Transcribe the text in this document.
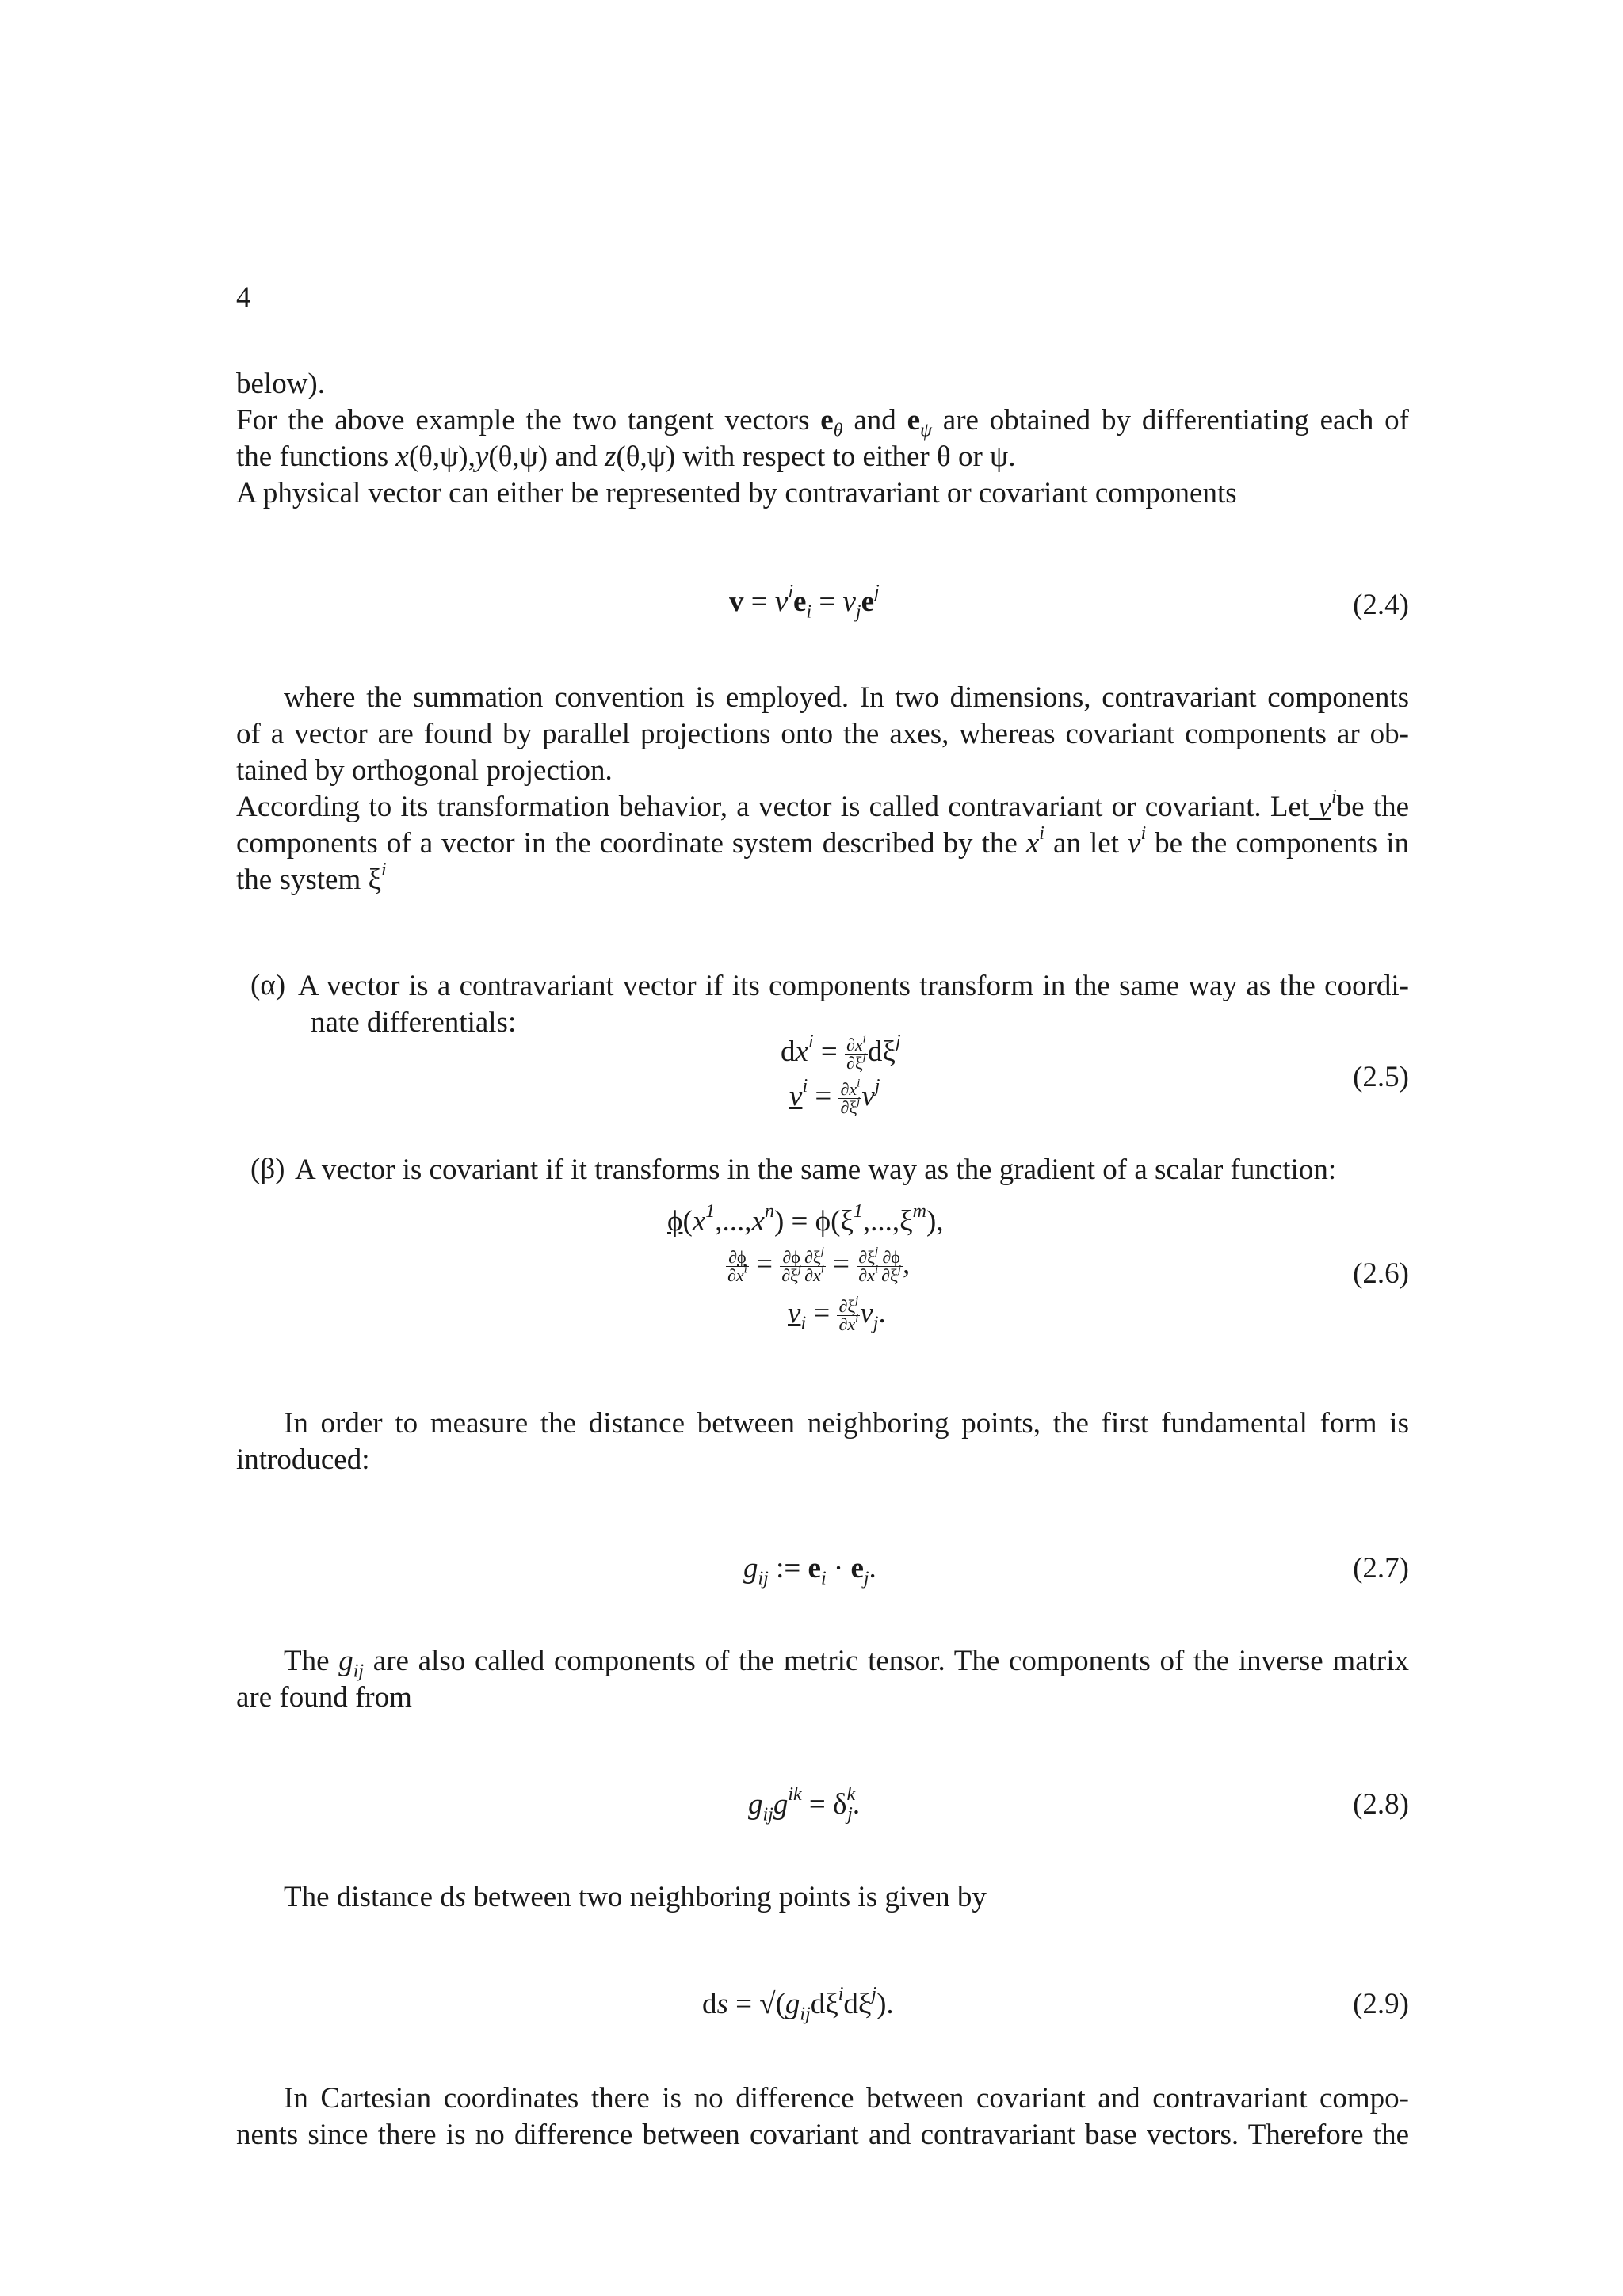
4
below).
For the above example the two tangent vectors $e_\theta$ and $e_\psi$ are obtained by differentiating each of
the functions x(θ,ψ),y(θ,ψ) and z(θ,ψ) with respect to either θ or ψ.
A physical vector can either be represented by contravariant or covariant components
$v = v^ie_i = v_je^j$	(2.4)
where the summation convention is employed. In two dimensions, contravariant components
of a vector are found by parallel projections onto the axes, whereas covariant components ar ob-
tained by orthogonal projection.
According to its transformation behavior, a vector is called contravariant or covariant. Let $v^ibe$ the
components of a vector in the coordinate system described by the $x^i$ an let $v^i$ be the components in
the system $\xi^i$
(α) A vector is a contravariant vector if its components transform in the same way as the coordi-
nate differentials:
$dx^i = \frac{\partial x^i}{\partial\xi^j} d\xi^j$
$v^i = \frac{\partial x^i}{\partial\xi^j} v^j$	(2.5)
(β) A vector is covariant if it transforms in the same way as the gradient of a scalar function:
$\phi(x^1,...,x^n) = \phi(\xi^1,...,\xi^m)$,
$\frac{\partial\phi}{\partial x^i} = \frac{\partial\phi}{\partial\xi^j} \frac{\partial\xi^j}{\partial x^i} = \frac{\partial\xi^j}{\partial x^i} \frac{\partial\phi}{\partial\xi^j}$ ,
$v_i = \frac{\partial\xi^j}{\partial x^i} v_j$.
(2.6)
In order to measure the distance between neighboring points, the first fundamental form is
introduced:
$g_{ij}$ := $e_i \cdot e_j$.	(2.7)
The $g_{ij}$ are also called components of the metric tensor. The components of the inverse matrix
are found from
$g_{ij}g^{ik} = \delta^k_j$.	(2.8)
The distance ds between two neighboring points is given by
ds = $√(g_{ij}d\xi^id\xi^j)$.	(2.9)
In Cartesian coordinates there is no difference between covariant and contravariant compo-
nents since there is no difference between covariant and contravariant base vectors. Therefore the
